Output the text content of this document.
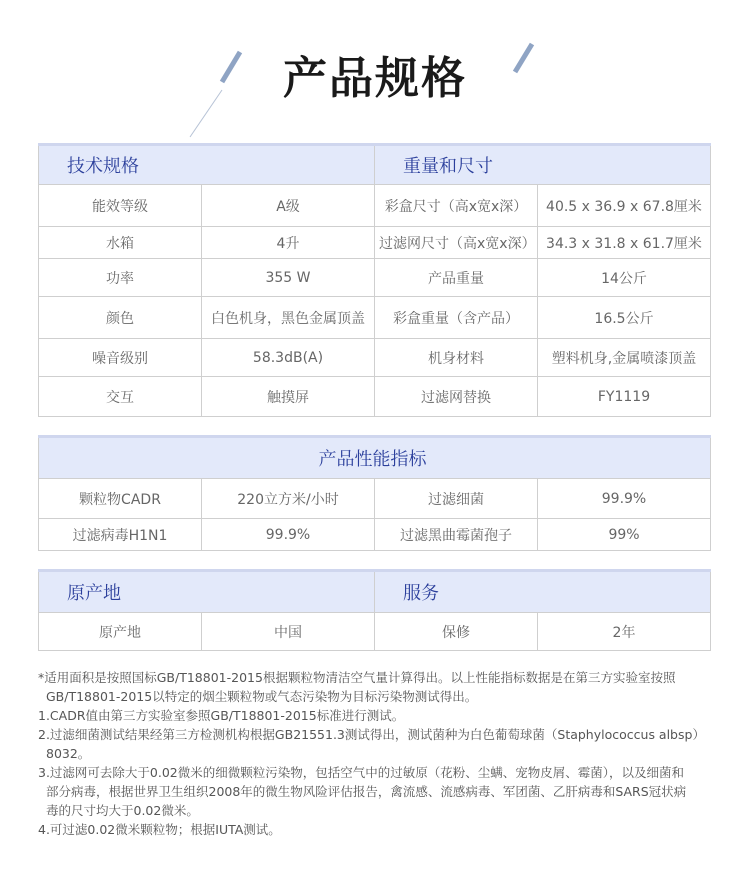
产品规格
技术规格		重量和尺寸	
能效等级	A级	彩盒尺寸（高x宽x深）	40.5 x 36.9 x 67.8厘米
水箱	4升	过滤网尺寸（高x宽x深）	34.3 x 31.8 x 61.7厘米
功率	355 W	产品重量	14公斤
颜色	白色机身，黑色金属顶盖	彩盒重量（含产品）	16.5公斤
噪音级别	58.3dB(A)	机身材料	塑料机身,金属喷漆顶盖
交互	触摸屏	过滤网替换	FY1119
产品性能指标			
颗粒物CADR	220立方米/小时	过滤细菌	99.9%
过滤病毒H1N1	99.9%	过滤黑曲霉菌孢子	99%
原产地		服务	
原产地	中国	保修	2年

*适用面积是按照国标GB/T18801-2015根据颗粒物清洁空气量计算得出。以上性能指标数据是在第三方实验室按照

GB/T18801-2015以特定的烟尘颗粒物或气态污染物为目标污染物测试得出。

1.CADR值由第三方实验室参照GB/T18801-2015标准进行测试。

2.过滤细菌测试结果经第三方检测机构根据GB21551.3测试得出，测试菌种为白色葡萄球菌（Staphylococcus albsp）

8032。

3.过滤网可去除大于0.02微米的细微颗粒污染物，包括空气中的过敏原（花粉、尘螨、宠物皮屑、霉菌），以及细菌和

部分病毒，根据世界卫生组织2008年的微生物风险评估报告，禽流感、流感病毒、军团菌、乙肝病毒和SARS冠状病

毒的尺寸均大于0.02微米。

4.可过滤0.02微米颗粒物；根据IUTA测试。
